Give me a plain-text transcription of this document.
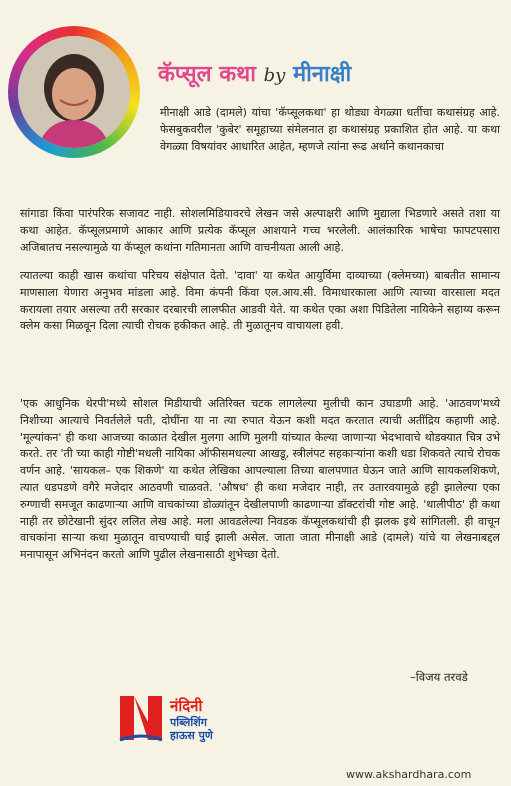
कॅप्सूल कथा by मीनाक्षी
मीनाक्षी आडे (दामले) यांचा 'कॅप्सूलकथा' हा थोड्या वेगळ्या धर्तीचा कथासंग्रह आहे. फेसबुकवरील 'कुबेर' समूहाच्या संमेलनात हा कथासंग्रह प्रकाशित होत आहे. या कथा वेगळ्या विषयांवर आधारित आहेत, म्हणजे त्यांना रूढ अर्थाने कथानकाचा
सांगाडा किंवा पारंपरिक सजावट नाही. सोशलमिडियावरचे लेखन जसे अल्पाक्षरी आणि मुद्याला भिडणारे असते तशा या कथा आहेत. कॅप्सूलप्रमाणे आकार आणि प्रत्येक कॅप्सूल आशयाने गच्च भरलेली. आलंकारिक भाषेचा फापटपसारा अजिबातच नसल्यामुळे या कॅप्सूल कथांना गतिमानता आणि वाचनीयता आली आहे.
त्यातल्या काही खास कथांचा परिचय संक्षेपात देतो. 'दावा' या कथेत आयुर्विमा दाव्याच्या (क्लेमच्या) बाबतीत सामान्य माणसाला येणारा अनुभव मांडला आहे. विमा कंपनी किंवा एल.आय.सी. विमाधारकाला आणि त्याच्या वारसाला मदत करायला तयार असल्या तरी सरकार दरबारची लालफीत आडवी येते. या कथेत एका अशा पिडितेला नायिकेने सहाय्य करून क्लेम कसा मिळवून दिला त्याची रोचक हकीकत आहे. ती मुळातूनच वाचायला हवी.
'एक आधुनिक थेरपी'मध्ये सोशल मिडीयाची अतिरिक्त चटक लागलेल्या मुलीची कान उघाडणी आहे. 'आठवण'मध्ये निशीच्या आत्याचे निवर्तलेले पती, दोघींना या ना त्या रुपात येऊन कशी मदत करतात त्याची अतींद्रिय कहाणी आहे. 'मूल्यांकन' ही कथा आजच्या काळात देखील मुलगा आणि मुलगी यांच्यात केल्या जाणाऱ्या भेदभावाचे थोडक्यात चित्र उभे करते. तर 'ती च्या काही गोष्टी'मधली नायिका ऑफीसमधल्या आखडू, स्त्रीलंपट सहकाऱ्यांना कशी धडा शिकवते त्याचे रोचक वर्णन आहे. 'सायकल– एक शिकणे' या कथेत लेखिका आपल्याला तिच्या बालपणात घेऊन जाते आणि सायकलशिकणे, त्यात धडपडणे वगैरे मजेदार आठवणी चाळवते. 'औषध' ही कथा मजेदार नाही, तर उतारवयामुळे हट्टी झालेल्या एका रुग्णाची समजूत काढणाऱ्या आणि वाचकांच्या डोळ्यांतून देखीलपाणी काढणाऱ्या डॉक्टरांची गोष्ट आहे. 'थालीपीठ' ही कथा नाही तर छोटेखानी सुंदर ललित लेख आहे. मला आवडलेल्या निवडक कॅप्सूलकथांची ही झलक इथे सांगितली. ही वाचून वाचकांना साऱ्या कथा मुळातून वाचण्याची घाई झाली असेल. जाता जाता मीनाक्षी आडे (दामले) यांचे या लेखनाबद्दल मनापासून अभिनंदन करतो आणि पुढील लेखनासाठी शुभेच्छा देतो.
–विजय तरवडे
नंदिनी
पब्लिशिंग
हाऊस पुणे
www.akshardhara.com
